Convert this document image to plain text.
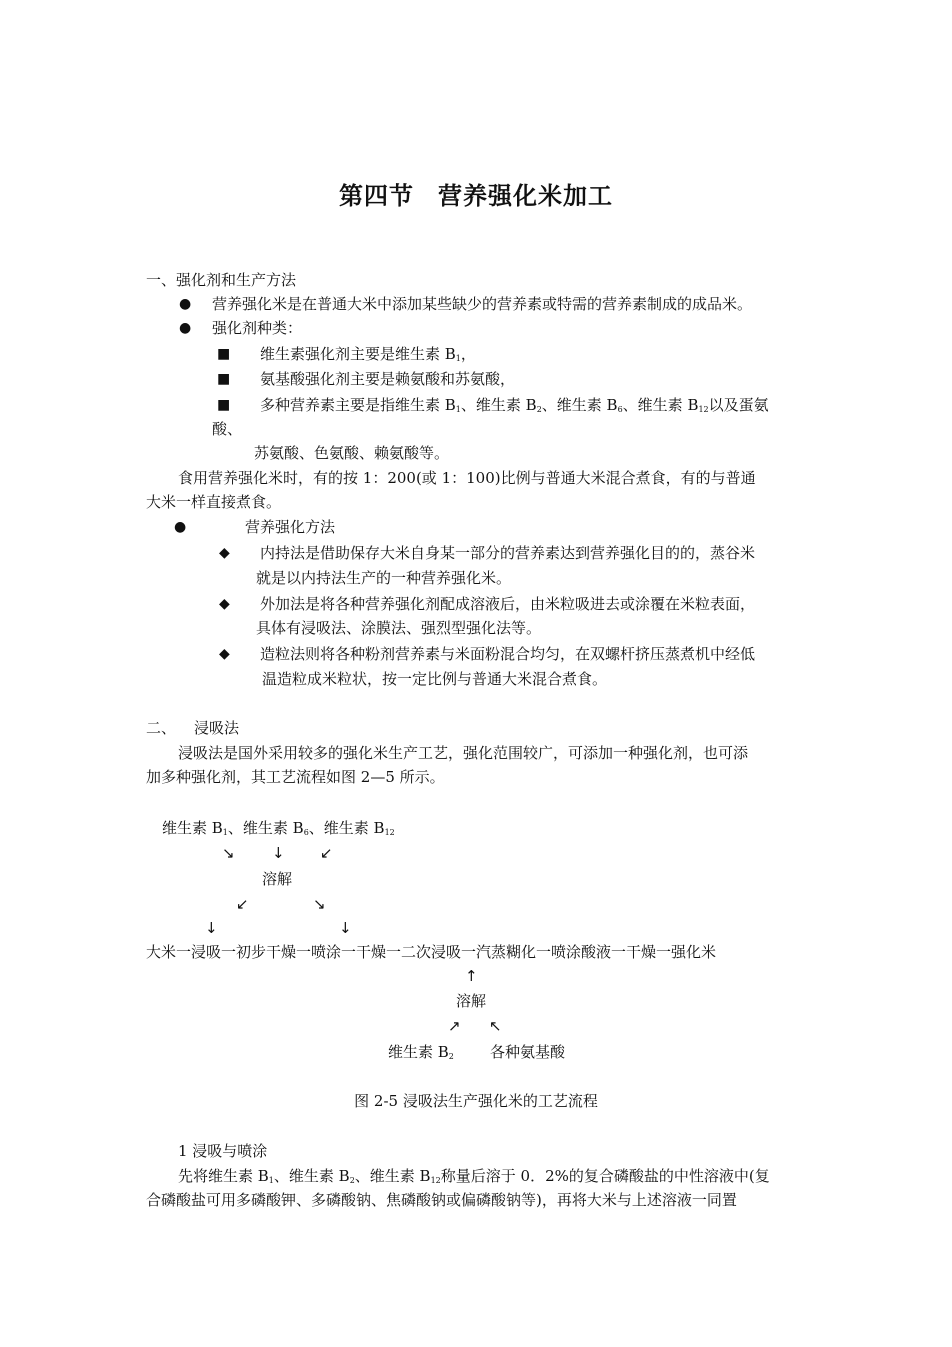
第四节 营养强化米加工
一、强化剂和生产方法
● 营养强化米是在普通大米中添加某些缺少的营养素或特需的营养素制成的成品米。
● 强化剂种类：
■ 维生素强化剂主要是维生素 $B_1$，
■ 氨基酸强化剂主要是赖氨酸和苏氨酸，
■ 多种营养素主要是指维生素 $B_1$、维生素 $B_2$、维生素 $B_6$、维生素 $B_{12}$以及蛋氨
酸、
苏氨酸、色氨酸、赖氨酸等。
食用营养强化米时，有的按 1：200(或 1：100)比例与普通大米混合煮食，有的与普通
大米一样直接煮食。
●	营养强化方法
◆ 内持法是借助保存大米自身某一部分的营养素达到营养强化目的的，蒸谷米
就是以内持法生产的一种营养强化米。
◆ 外加法是将各种营养强化剂配成溶液后，由米粒吸进去或涂覆在米粒表面，
具体有浸吸法、涂膜法、强烈型强化法等。
◆ 造粒法则将各种粉剂营养素与米面粉混合均匀，在双螺杆挤压蒸煮机中经低
温造粒成米粒状，按一定比例与普通大米混合煮食。
二、 浸吸法
浸吸法是国外采用较多的强化米生产工艺，强化范围较广，可添加一种强化剂，也可添
加多种强化剂，其工艺流程如图 2—5 所示。
维生素 $B_1$、维生素 $B_6$、维生素 $B_{12}$
↘ ↓ ↙
溶解
↙	↘
↓	↓
大米一浸吸一初步干燥一喷涂一干燥一二次浸吸一汽蒸糊化一喷涂酸液一干燥一强化米
↑
溶解
↗ ↖
维生素 $B_2$ 各种氨基酸
图 2-5 浸吸法生产强化米的工艺流程
1 浸吸与喷涂
先将维生素 $B_1$、维生素 $B_2$、维生素 $B_{12}$称量后溶于 0．2%的复合磷酸盐的中性溶液中(复
合磷酸盐可用多磷酸钾、多磷酸钠、焦磷酸钠或偏磷酸钠等)，再将大米与上述溶液一同置
